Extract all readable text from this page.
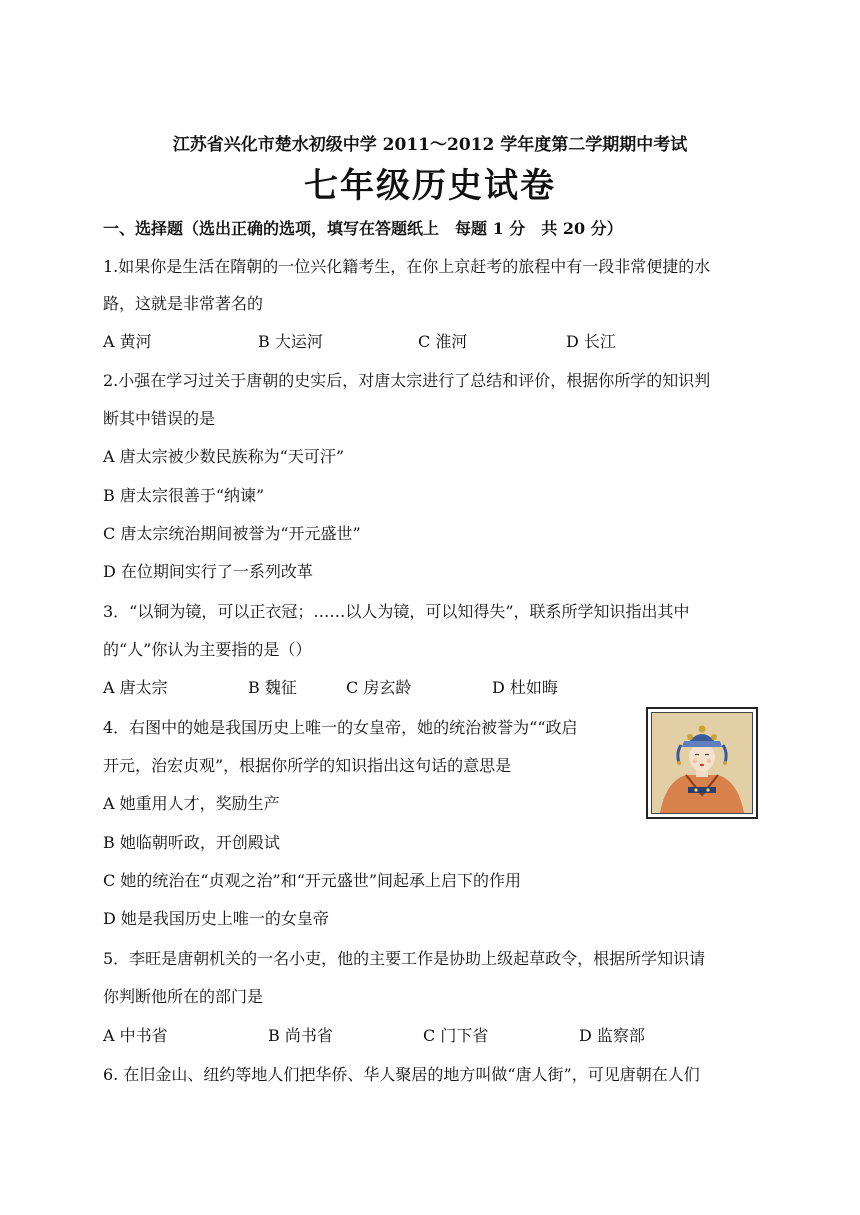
江苏省兴化市楚水初级中学 2011～2012 学年度第二学期期中考试
七年级历史试卷
一、选择题（选出正确的选项，填写在答题纸上　每题 1 分　共 20 分）
1.如果你是生活在隋朝的一位兴化籍考生，在你上京赶考的旅程中有一段非常便捷的水
路，这就是非常著名的
A 黄河	B 大运河	C 淮河	D 长江
2.小强在学习过关于唐朝的史实后，对唐太宗进行了总结和评价，根据你所学的知识判
断其中错误的是
A 唐太宗被少数民族称为“天可汗”
B 唐太宗很善于“纳谏”
C 唐太宗统治期间被誉为“开元盛世”
D 在位期间实行了一系列改革
3．“以铜为镜，可以正衣冠；……以人为镜，可以知得失”，联系所学知识指出其中
的“人”你认为主要指的是（）
A 唐太宗	B 魏征	C 房玄龄	D 杜如晦
4．右图中的她是我国历史上唯一的女皇帝，她的统治被誉为““政启
开元，治宏贞观”，根据你所学的知识指出这句话的意思是
A 她重用人才，奖励生产
B 她临朝听政，开创殿试
C 她的统治在“贞观之治”和“开元盛世”间起承上启下的作用
D 她是我国历史上唯一的女皇帝
5．李旺是唐朝机关的一名小吏，他的主要工作是协助上级起草政令，根据所学知识请
你判断他所在的部门是
A 中书省	B 尚书省	C 门下省	D 监察部
6. 在旧金山、纽约等地人们把华侨、华人聚居的地方叫做“唐人街”，可见唐朝在人们
